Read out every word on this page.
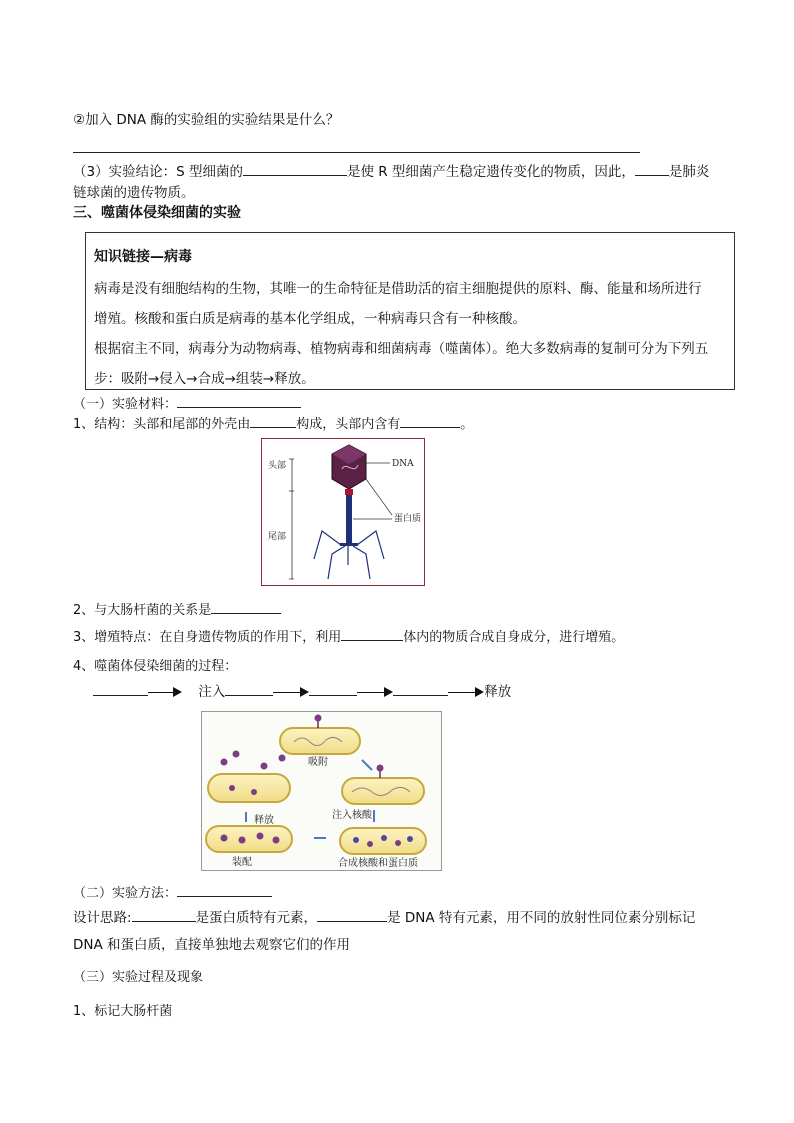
②加入 DNA 酶的实验组的实验结果是什么？
（3）实验结论：S 型细菌的	是使 R 型细菌产生稳定遗传变化的物质，因此，	是肺炎
链球菌的遗传物质。
三、噬菌体侵染细菌的实验
知识链接—病毒
病毒是没有细胞结构的生物，其唯一的生命特征是借助活的宿主细胞提供的原料、酶、能量和场所进行
增殖。核酸和蛋白质是病毒的基本化学组成，一种病毒只含有一种核酸。
根据宿主不同，病毒分为动物病毒、植物病毒和细菌病毒（噬菌体）。绝大多数病毒的复制可分为下列五
步：吸附→侵入→合成→组装→释放。
（一）实验材料：
1、结构：头部和尾部的外壳由	构成，头部内含有	。
头部
尾部
DNA
蛋白质
2、与大肠杆菌的关系是
3、增殖特点：在自身遗传物质的作用下，利用	体内的物质合成自身成分，进行增殖。
4、噬菌体侵染细菌的过程：
注入	释放
吸附
注入核酸
合成核酸和蛋白质
装配
释放
（二）实验方法：
设计思路:	是蛋白质特有元素，	是 DNA 特有元素，用不同的放射性同位素分别标记
DNA 和蛋白质，直接单独地去观察它们的作用
（三）实验过程及现象
1、标记大肠杆菌
